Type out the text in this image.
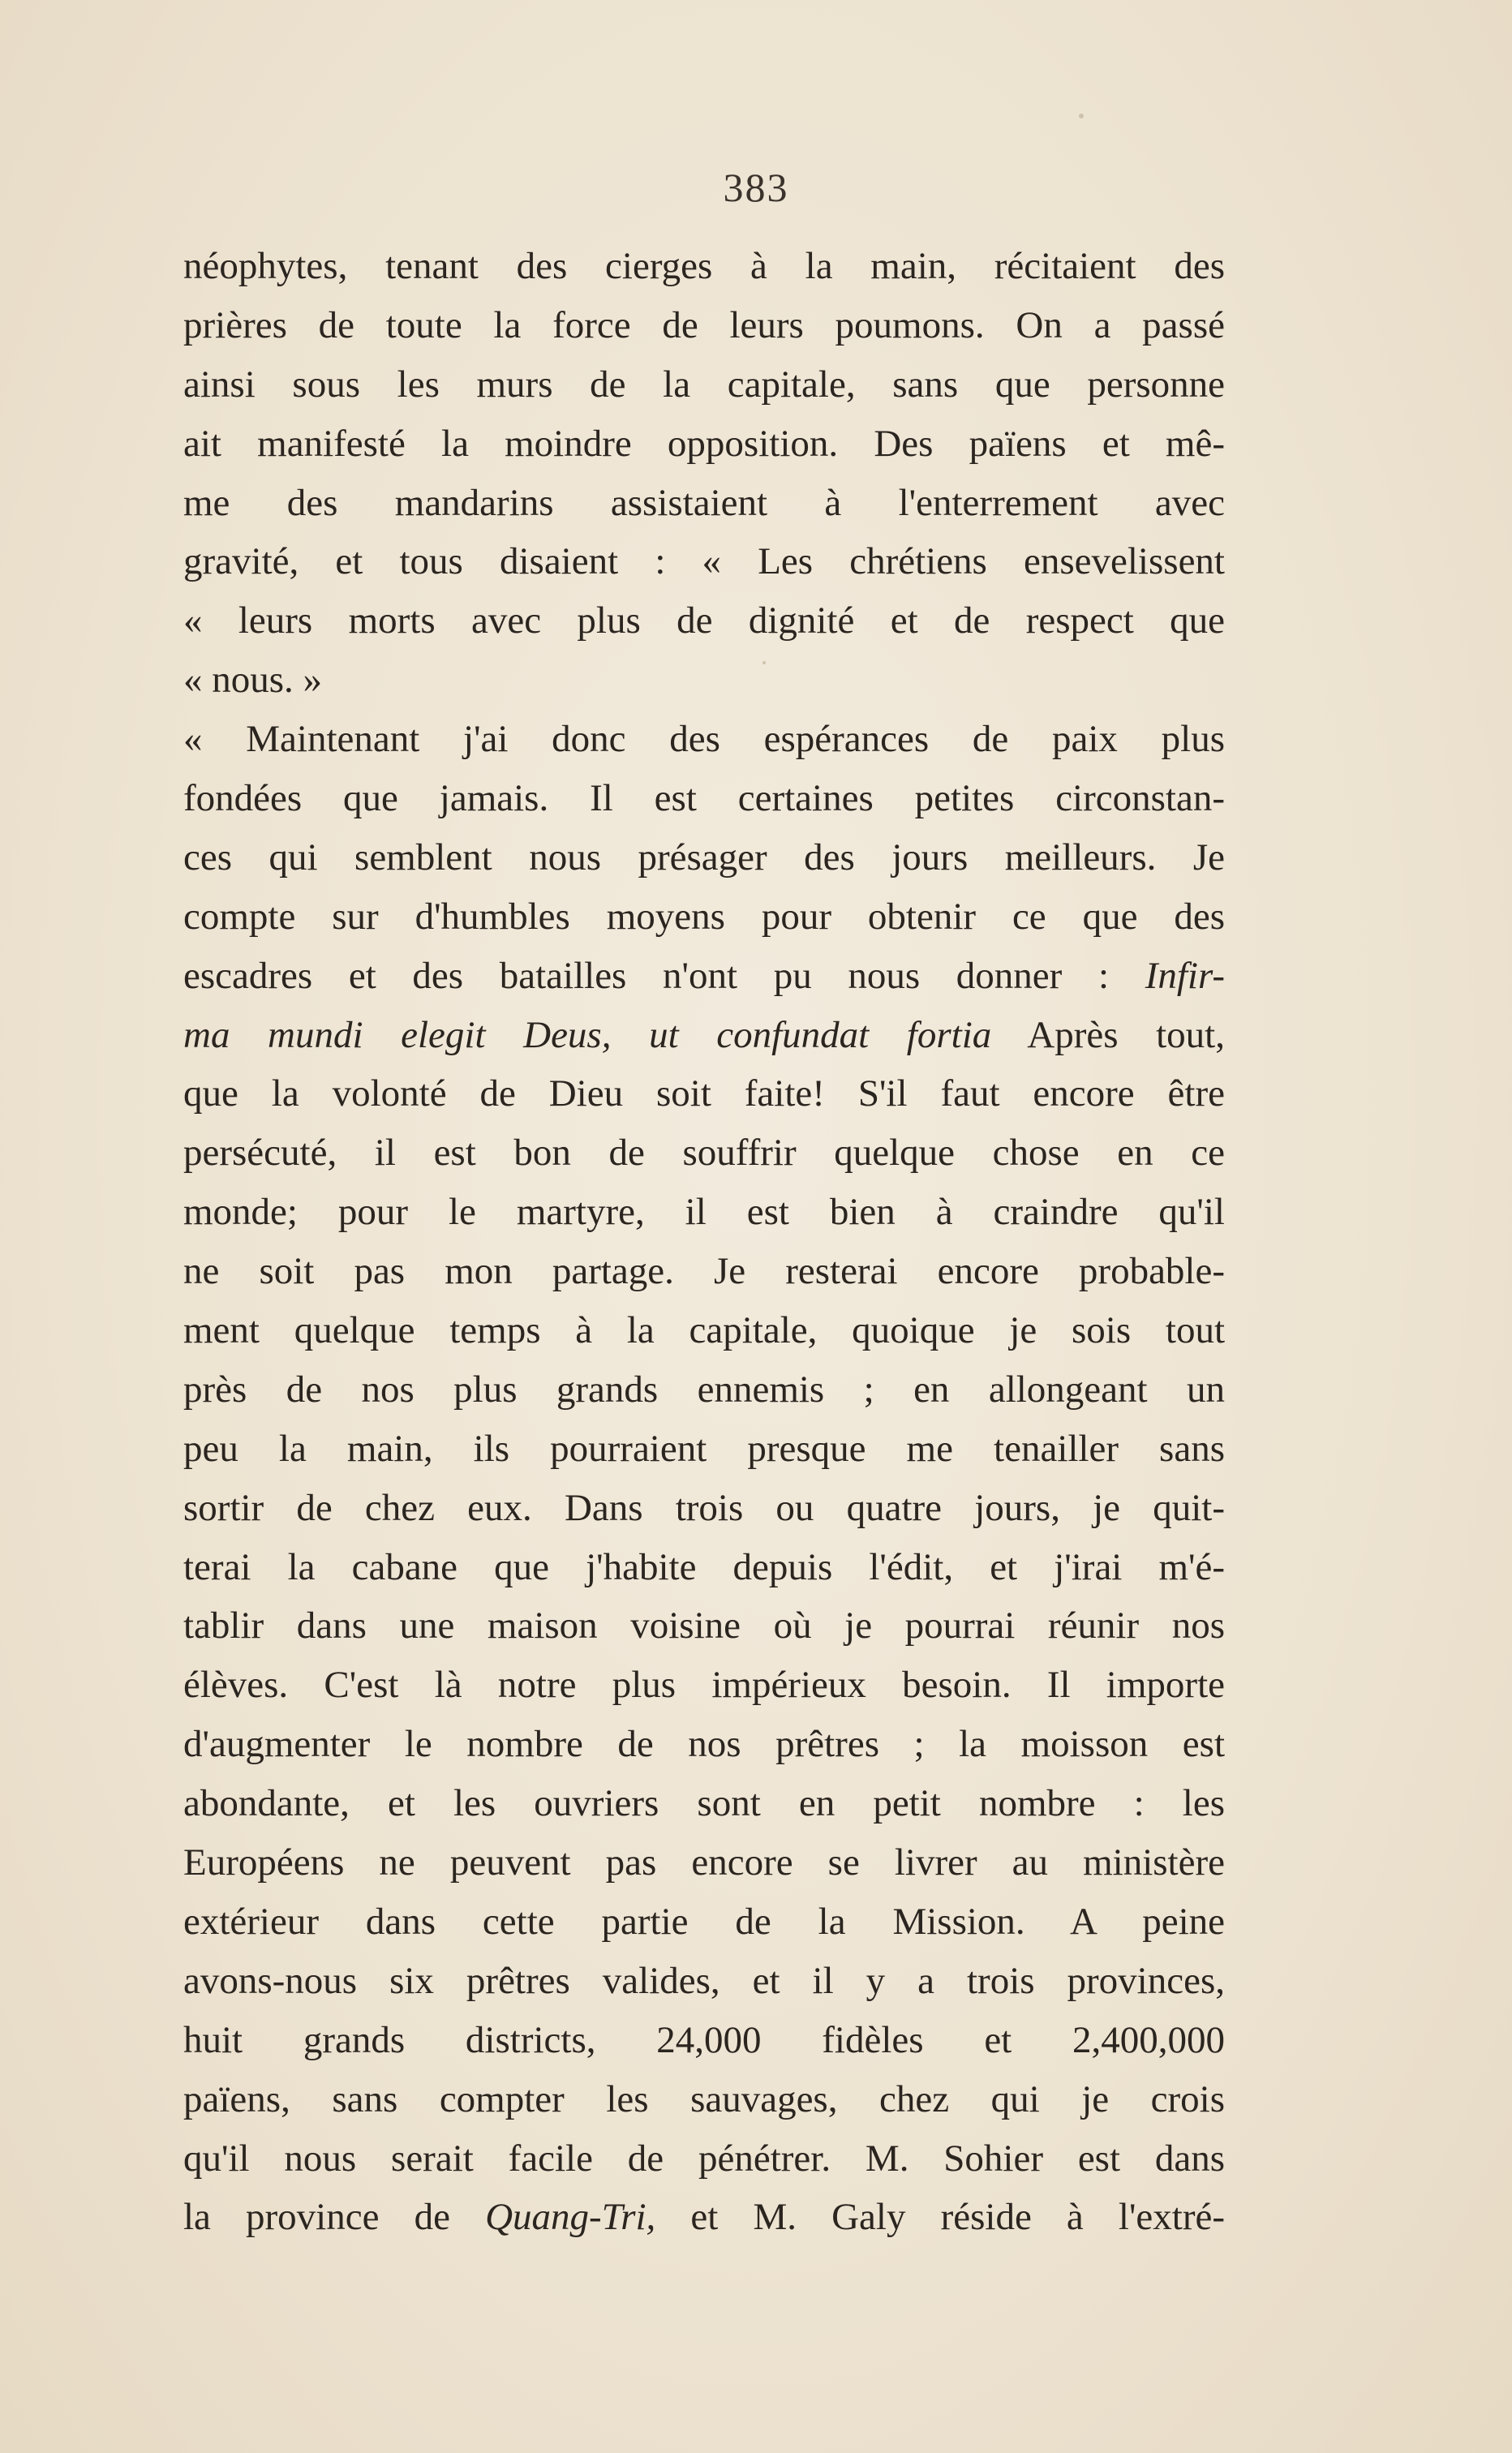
383
néophytes, tenant des cierges à la main, récitaient des
prières de toute la force de leurs poumons. On a passé
ainsi sous les murs de la capitale, sans que personne
ait manifesté la moindre opposition. Des païens et mê-
me des mandarins assistaient à l'enterrement avec
gravité, et tous disaient : « Les chrétiens ensevelissent
« leurs morts avec plus de dignité et de respect que
« nous. »
« Maintenant j'ai donc des espérances de paix plus
fondées que jamais. Il est certaines petites circonstan-
ces qui semblent nous présager des jours meilleurs. Je
compte sur d'humbles moyens pour obtenir ce que des
escadres et des batailles n'ont pu nous donner : Infir-
ma mundi elegit Deus, ut confundat fortia Après tout,
que la volonté de Dieu soit faite! S'il faut encore être
persécuté, il est bon de souffrir quelque chose en ce
monde; pour le martyre, il est bien à craindre qu'il
ne soit pas mon partage. Je resterai encore probable-
ment quelque temps à la capitale, quoique je sois tout
près de nos plus grands ennemis ; en allongeant un
peu la main, ils pourraient presque me tenailler sans
sortir de chez eux. Dans trois ou quatre jours, je quit-
terai la cabane que j'habite depuis l'édit, et j'irai m'é-
tablir dans une maison voisine où je pourrai réunir nos
élèves. C'est là notre plus impérieux besoin. Il importe
d'augmenter le nombre de nos prêtres ; la moisson est
abondante, et les ouvriers sont en petit nombre : les
Européens ne peuvent pas encore se livrer au ministère
extérieur dans cette partie de la Mission. A peine
avons-nous six prêtres valides, et il y a trois provinces,
huit grands districts, 24,000 fidèles et 2,400,000
païens, sans compter les sauvages, chez qui je crois
qu'il nous serait facile de pénétrer. M. Sohier est dans
la province de Quang-Tri, et M. Galy réside à l'extré-
